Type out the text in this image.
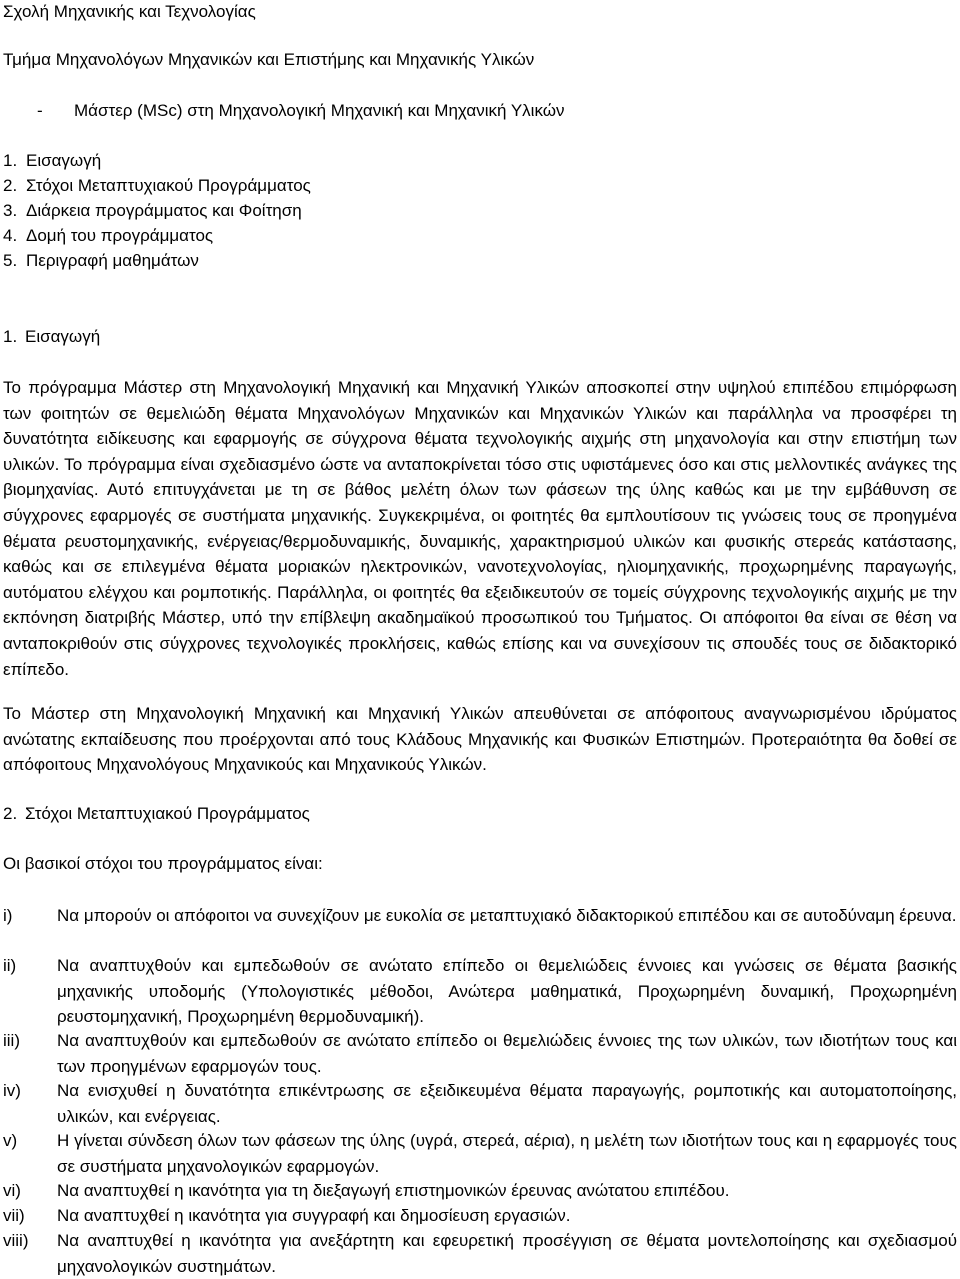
Σχολή Μηχανικής και Τεχνολογίας
Τμήμα Μηχανολόγων Μηχανικών και Επιστήμης και Μηχανικής Υλικών
- Μάστερ (MSc) στη Μηχανολογική Μηχανική και Μηχανική Υλικών
1. Εισαγωγή
2. Στόχοι Μεταπτυχιακού Προγράμματος
3. Διάρκεια προγράμματος και Φοίτηση
4. Δομή του προγράμματος
5. Περιγραφή μαθημάτων
1. Εισαγωγή
Το πρόγραμμα Μάστερ στη Μηχανολογική Μηχανική και Μηχανική Υλικών αποσκοπεί στην υψηλού επιπέδου επιμόρφωση των φοιτητών σε θεμελιώδη θέματα Μηχανολόγων Μηχανικών και Μηχανικών Υλικών και παράλληλα να προσφέρει τη δυνατότητα ειδίκευσης και εφαρμογής σε σύγχρονα θέματα τεχνολογικής αιχμής στη μηχανολογία και στην επιστήμη των υλικών. Το πρόγραμμα είναι σχεδιασμένο ώστε να ανταποκρίνεται τόσο στις υφιστάμενες όσο και στις μελλοντικές ανάγκες της βιομηχανίας. Αυτό επιτυγχάνεται με τη σε βάθος μελέτη όλων των φάσεων της ύλης καθώς και με την εμβάθυνση σε σύγχρονες εφαρμογές σε συστήματα μηχανικής. Συγκεκριμένα, οι φοιτητές θα εμπλουτίσουν τις γνώσεις τους σε προηγμένα θέματα ρευστομηχανικής, ενέργειας/θερμοδυναμικής, δυναμικής, χαρακτηρισμού υλικών και φυσικής στερεάς κατάστασης, καθώς και σε επιλεγμένα θέματα μοριακών ηλεκτρονικών, νανοτεχνολογίας, ηλιομηχανικής, προχωρημένης παραγωγής, αυτόματου ελέγχου και ρομποτικής. Παράλληλα, οι φοιτητές θα εξειδικευτούν σε τομείς σύγχρονης τεχνολογικής αιχμής με την εκπόνηση διατριβής Μάστερ, υπό την επίβλεψη ακαδημαϊκού προσωπικού του Τμήματος. Οι απόφοιτοι θα είναι σε θέση να ανταποκριθούν στις σύγχρονες τεχνολογικές προκλήσεις, καθώς επίσης και να συνεχίσουν τις σπουδές τους σε διδακτορικό επίπεδο.
Το Μάστερ στη Μηχανολογική Μηχανική και Μηχανική Υλικών απευθύνεται σε απόφοιτους αναγνωρισμένου ιδρύματος ανώτατης εκπαίδευσης που προέρχονται από τους Κλάδους Μηχανικής και Φυσικών Επιστημών. Προτεραιότητα θα δοθεί σε απόφοιτους Μηχανολόγους Μηχανικούς και Μηχανικούς Υλικών.
2. Στόχοι Μεταπτυχιακού Προγράμματος
Οι βασικοί στόχοι του προγράμματος είναι:
i)	Να μπορούν οι απόφοιτοι να συνεχίζουν με ευκολία σε μεταπτυχιακό διδακτορικού επιπέδου και σε αυτοδύναμη έρευνα.
ii) Να αναπτυχθούν και εμπεδωθούν σε ανώτατο επίπεδο οι θεμελιώδεις έννοιες και γνώσεις σε θέματα βασικής μηχανικής υποδομής (Υπολογιστικές μέθοδοι, Ανώτερα μαθηματικά, Προχωρημένη δυναμική, Προχωρημένη ρευστομηχανική, Προχωρημένη θερμοδυναμική).
iii) Να αναπτυχθούν και εμπεδωθούν σε ανώτατο επίπεδο οι θεμελιώδεις έννοιες της των υλικών, των ιδιοτήτων τους και των προηγμένων εφαρμογών τους.
iv) Να ενισχυθεί η δυνατότητα επικέντρωσης σε εξειδικευμένα θέματα παραγωγής, ρομποτικής και αυτοματοποίησης, υλικών, και ενέργειας.
v) Η γίνεται σύνδεση όλων των φάσεων της ύλης (υγρά, στερεά, αέρια), η μελέτη των ιδιοτήτων τους και η εφαρμογές τους σε συστήματα μηχανολογικών εφαρμογών.
vi) Να αναπτυχθεί η ικανότητα για τη διεξαγωγή επιστημονικών έρευνας ανώτατου επιπέδου.
vii) Να αναπτυχθεί η ικανότητα για συγγραφή και δημοσίευση εργασιών.
viii) Να αναπτυχθεί η ικανότητα για ανεξάρτητη και εφευρετική προσέγγιση σε θέματα μοντελοποίησης και σχεδιασμού μηχανολογικών συστημάτων.
